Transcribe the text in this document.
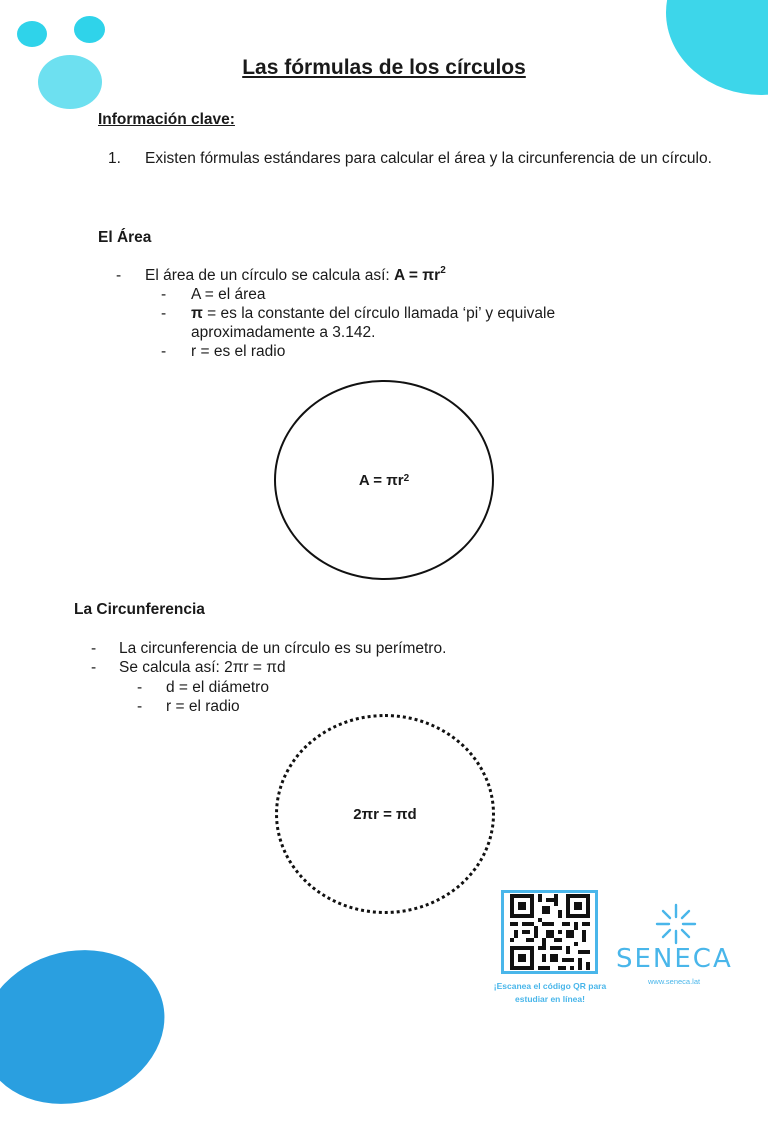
Las fórmulas de los círculos
Información clave:
1. Existen fórmulas estándares para calcular el área y la circunferencia de un círculo.
El Área
- El área de un círculo se calcula así: $A = \pi r^2$
- A = el área
- π = es la constante del círculo llamada ‘pi’ y equivale aproximadamente a 3.142.
- r = es el radio
$A = \pi r^2$
La Circunferencia
- La circunferencia de un círculo es su perímetro.
- Se calcula así: 2πr = πd
- d = el diámetro
- r = el radio
2πr = πd
¡Escanea el código QR para estudiar en línea!
SENECA
www.seneca.lat
